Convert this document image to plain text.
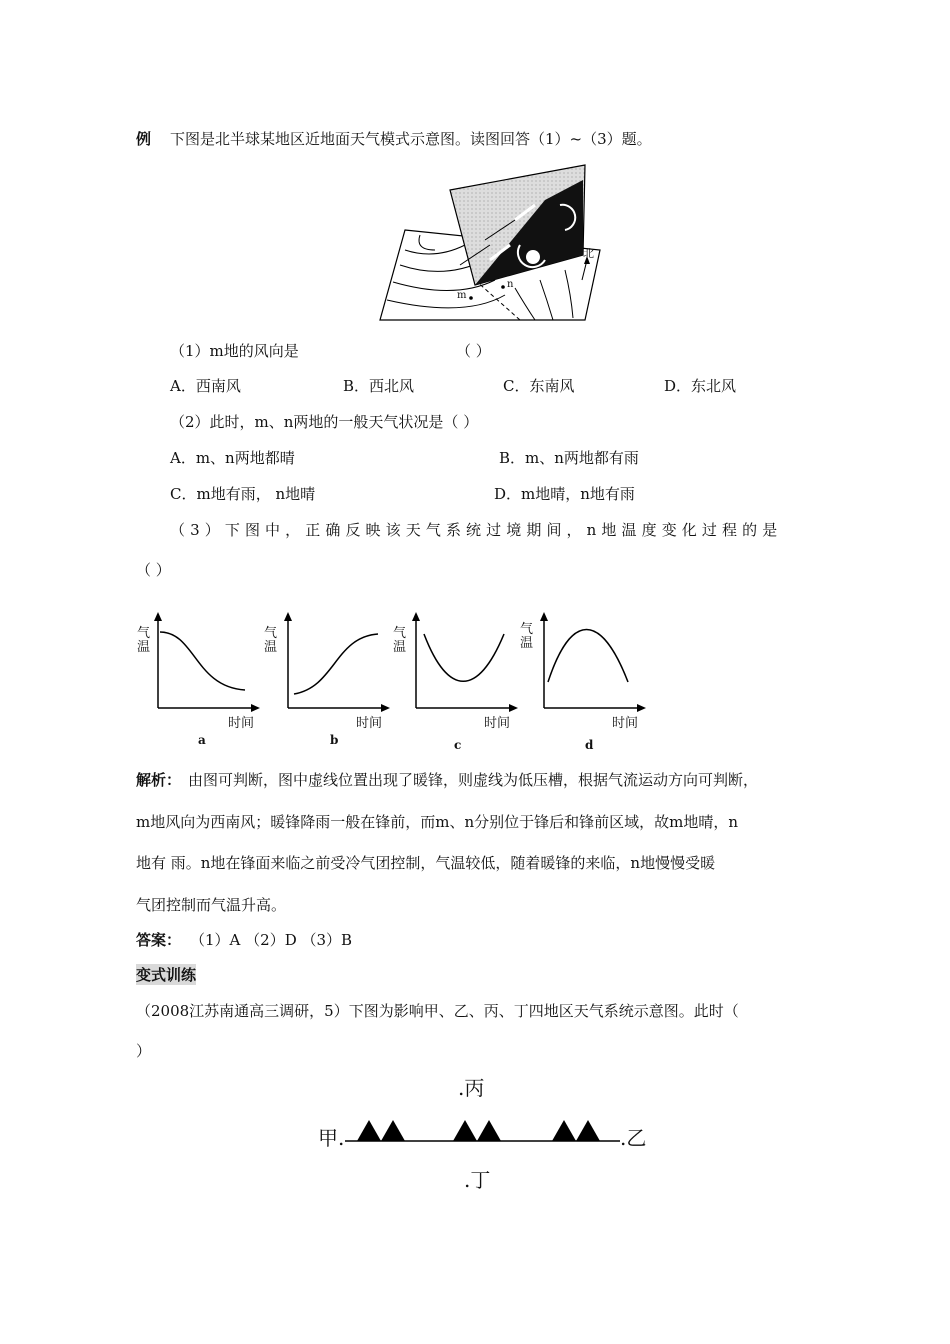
例 下图是北半球某地区近地面天气模式示意图。读图回答（1）~（3）题。
m
n
北
（1）m地的风向是	（ ）
A．西南风	B．西北风	C．东南风	D．东北风
（2）此时，m、n两地的一般天气状况是（ ）
A．m、n两地都晴	B．m、n两地都有雨
C．m地有雨， n地晴	D．m地晴，n地有雨
（3）下图中，正确反映该天气系统过境期间，n地温度变化过程的是
（ ）
气
温
时间
a
气
温
时间
b
气
温
时间
c
气
温
时间
d
解析： 由图可判断，图中虚线位置出现了暖锋，则虚线为低压槽，根据气流运动方向可判断，
m地风向为西南风；暖锋降雨一般在锋前，而m、n分别位于锋后和锋前区域，故m地晴，n
地有 雨。n地在锋面来临之前受冷气团控制，气温较低，随着暖锋的来临，n地慢慢受暖
气团控制而气温升高。
答案： （1）A （2）D （3）B
变式训练
（2008江苏南通高三调研，5）下图为影响甲、乙、丙、丁四地区天气系统示意图。此时（
）
.丙
甲.	.乙
.丁
